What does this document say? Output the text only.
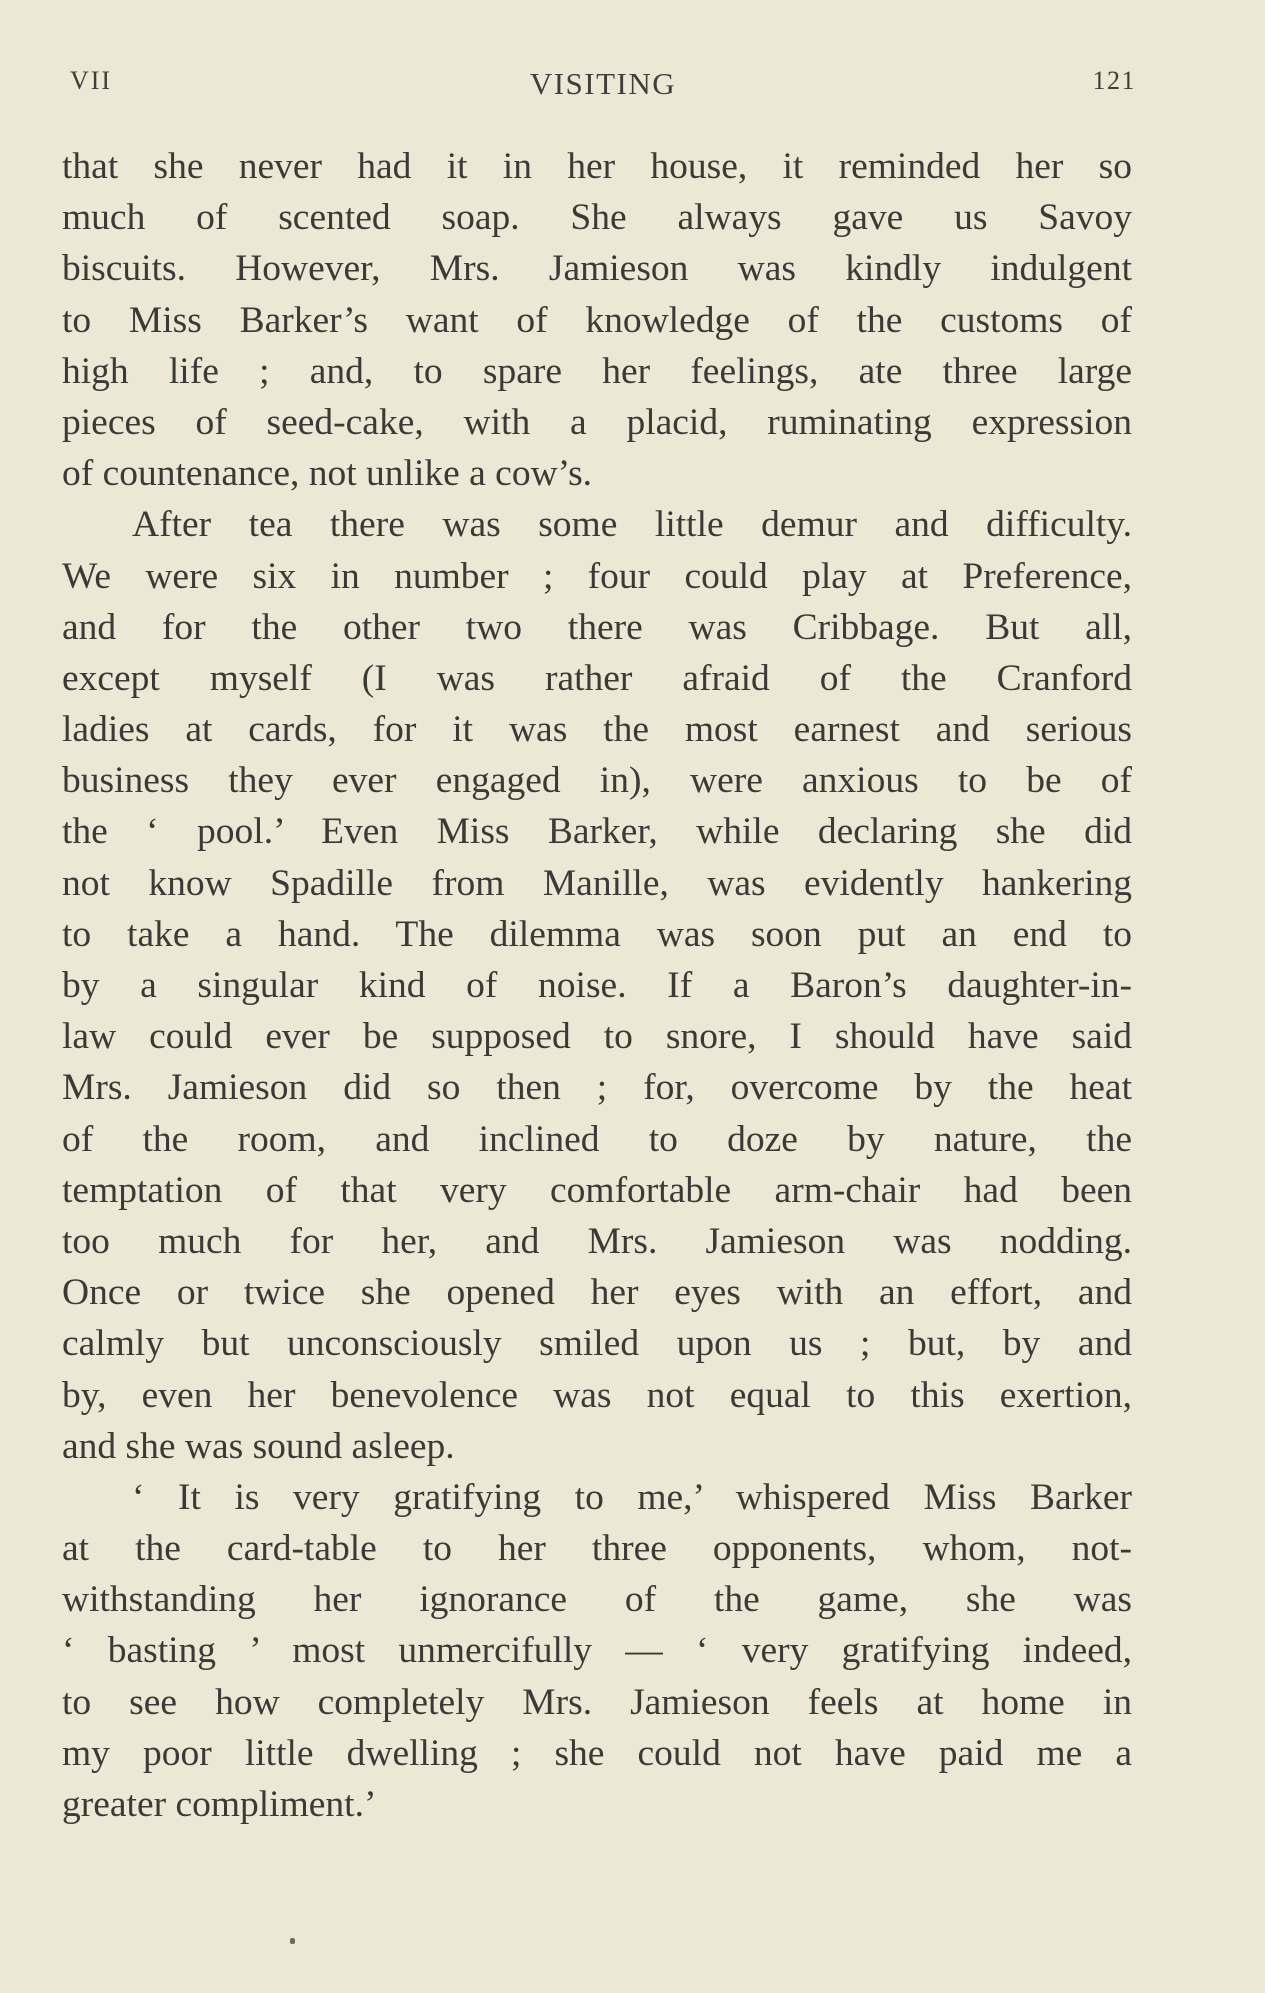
VII	VISITING	121
that she never had it in her house, it reminded her so
much of scented soap. She always gave us Savoy
biscuits. However, Mrs. Jamieson was kindly indulgent
to Miss Barker’s want of knowledge of the customs of
high life ; and, to spare her feelings, ate three large
pieces of seed-cake, with a placid, ruminating expression
of countenance, not unlike a cow’s.
After tea there was some little demur and difficulty.
We were six in number ; four could play at Preference,
and for the other two there was Cribbage. But all,
except myself (I was rather afraid of the Cranford
ladies at cards, for it was the most earnest and serious
business they ever engaged in), were anxious to be of
the ‘ pool.’ Even Miss Barker, while declaring she did
not know Spadille from Manille, was evidently hankering
to take a hand. The dilemma was soon put an end to
by a singular kind of noise. If a Baron’s daughter-in-
law could ever be supposed to snore, I should have said
Mrs. Jamieson did so then ; for, overcome by the heat
of the room, and inclined to doze by nature, the
temptation of that very comfortable arm-chair had been
too much for her, and Mrs. Jamieson was nodding.
Once or twice she opened her eyes with an effort, and
calmly but unconsciously smiled upon us ; but, by and
by, even her benevolence was not equal to this exertion,
and she was sound asleep.
‘ It is very gratifying to me,’ whispered Miss Barker
at the card-table to her three opponents, whom, not-
withstanding her ignorance of the game, she was
‘ basting ’ most unmercifully — ‘ very gratifying indeed,
to see how completely Mrs. Jamieson feels at home in
my poor little dwelling ; she could not have paid me a
greater compliment.’
